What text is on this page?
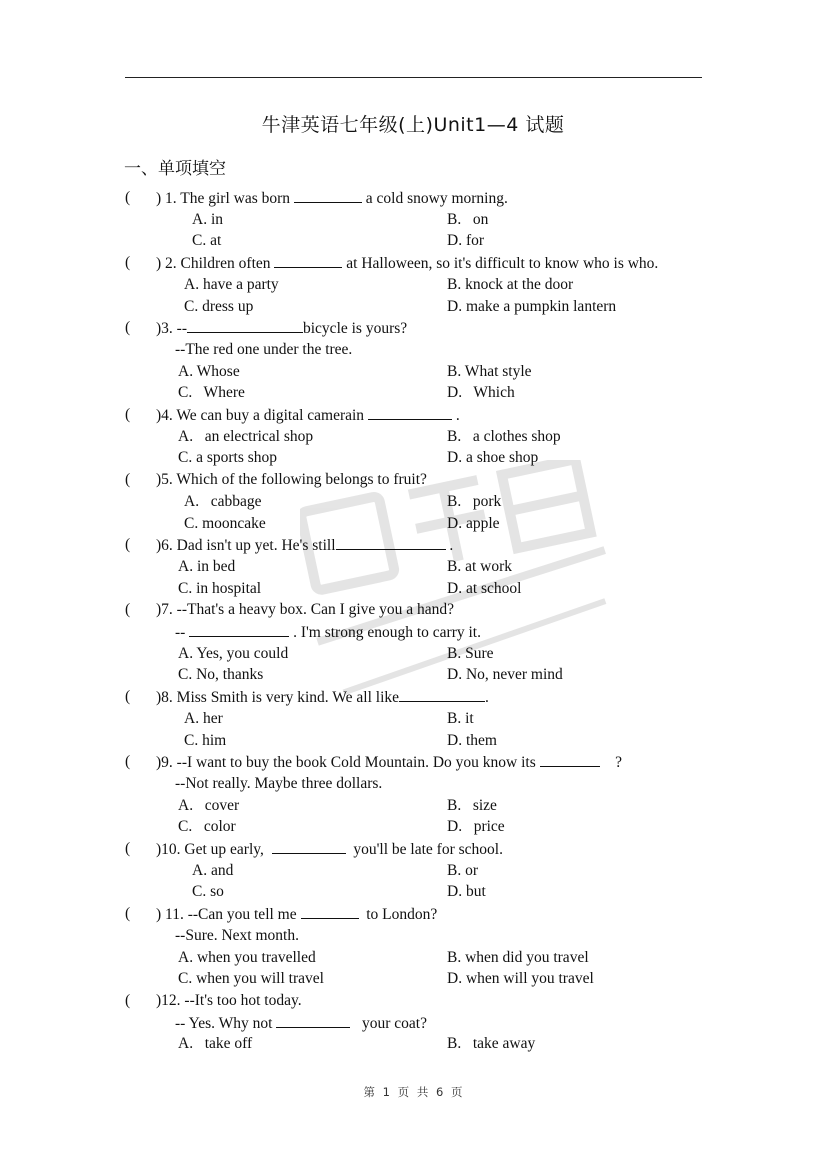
牛津英语七年级(上)Unit1—4 试题
一、单项填空
( ) 1. The girl was born	a cold snowy morning.
A. in	B.   on
C. at	D. for
( ) 2. Children often	at Halloween, so it's difficult to know who is who.
A. have a party	B. knock at the door
C. dress up	D. make a pumpkin lantern
( )3. --	bicycle is yours?
--The red one under the tree.
A. Whose	B. What style
C.   Where	D.   Which
( )4. We can buy a digital camerain	.
A.   an electrical shop	B.   a clothes shop
C. a sports shop	D. a shoe shop
( )5. Which of the following belongs to fruit?
A.   cabbage	B.   pork
C. mooncake	D. apple
( )6. Dad isn't up yet. He's still	.
A. in bed	B. at work
C. in hospital	D. at school
( )7. --That's a heavy box. Can I give you a hand?
--	. I'm strong enough to carry it.
A. Yes, you could	B. Sure
C. No, thanks	D. No, never mind
( )8. Miss Smith is very kind. We all like	.
A. her	B. it
C. him	D. them
( )9. --I want to buy the book Cold Mountain. Do you know its	?
--Not really. Maybe three dollars.
A.   cover	B.   size
C.   color	D.   price
( )10. Get up early,	you'll be late for school.
A. and	B. or
C. so	D. but
( ) 11. --Can you tell me	to London?
--Sure. Next month.
A. when you travelled	B. when did you travel
C. when you will travel	D. when will you travel
( )12. --It's too hot today.
-- Yes. Why not	your coat?
A.   take off	B.   take away
第 1 页 共 6 页
